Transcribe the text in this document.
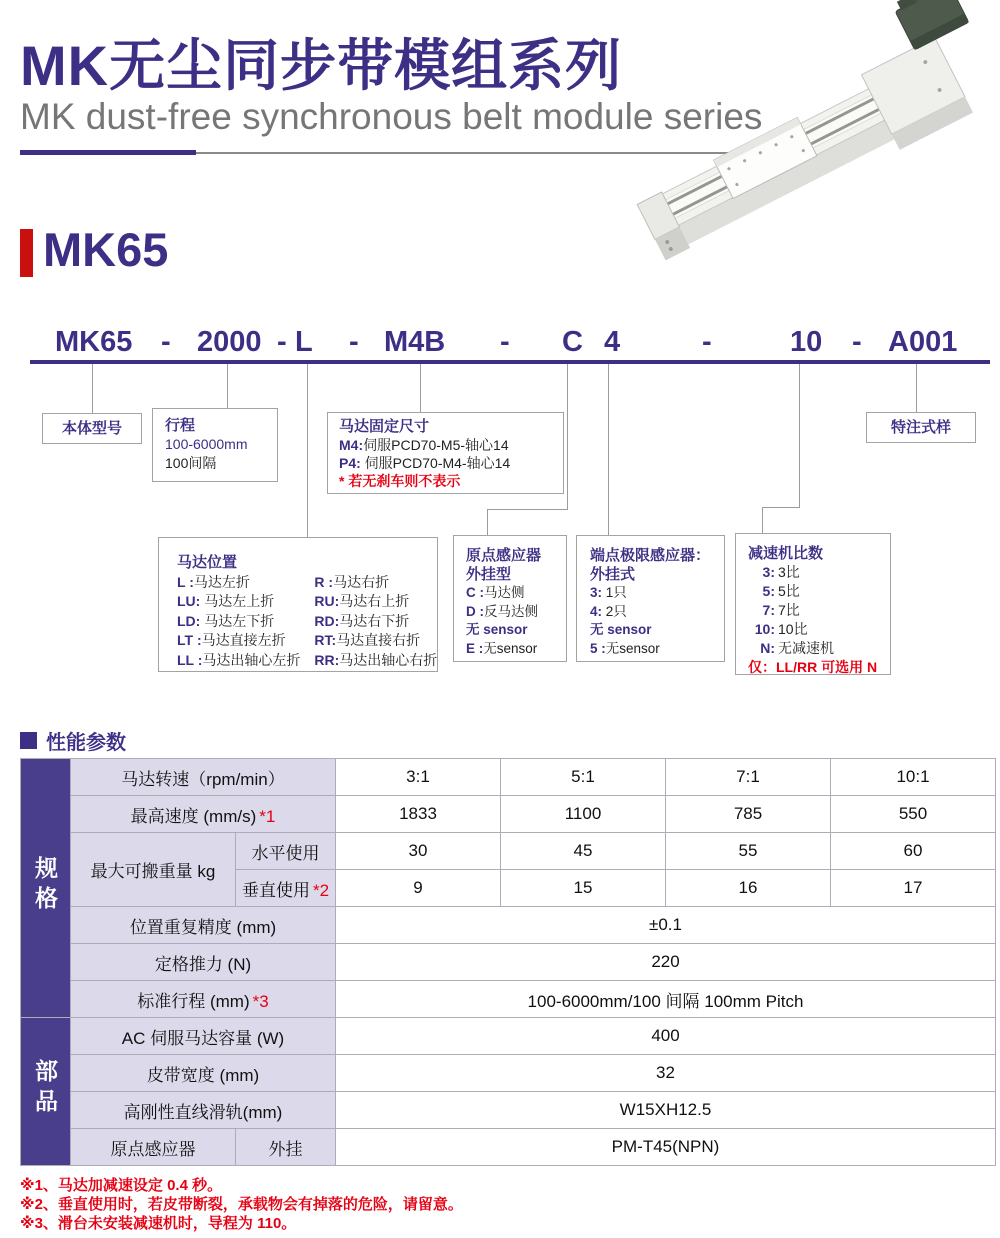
MK无尘同步带模组系列
MK dust-free synchronous belt module series
MK65
MK65 - 2000 - L - M4B - C 4	-	10 - A001
本体型号	行程
100-6000mm
100间隔
马达固定尺寸
M4:伺服PCD70-M5-轴心14
P4: 伺服PCD70-M4-轴心14
* 若无刹车则不表示
特注式样
马达位置
L :马达左折
LU: 马达左上折
LD: 马达左下折
LT :马达直接左折
LL :马达出轴心左折
R :马达右折
RU:马达右上折
RD:马达右下折
RT:马达直接右折
RR:马达出轴心右折
原点感应器
外挂型
C :马达侧
D :反马达侧
无 sensor
E :无sensor
端点极限感应器：
外挂式
3: 1只
4: 2只
无 sensor
5 :无sensor
减速机比数
3: 3比
5: 5比
7: 7比
10: 10比
N: 无减速机
仅：LL/RR 可选用 N
性能参数
规格	马达转速（rpm/min）		3:1	5:1	7:1	10:1
	最高速度 (mm/s) *1		1833	1100	785	550
	最大可搬重量 kg	水平使用	30	45	55	60
		垂直使用 *2	9	15	16	17
	位置重复精度 (mm)		±0.1			
	定格推力 (N)		220			
	标准行程 (mm) *3		100-6000mm/100 间隔 100mm Pitch			
部品	AC 伺服马达容量 (W)		400			
	皮带宽度 (mm)		32			
	高刚性直线滑轨(mm)		W15XH12.5			
	原点感应器	外挂	PM-T45(NPN)			
※1、马达加减速设定 0.4 秒。
※2、垂直使用时，若皮带断裂，承载物会有掉落的危险，请留意。
※3、滑台未安装减速机时，导程为 110。
